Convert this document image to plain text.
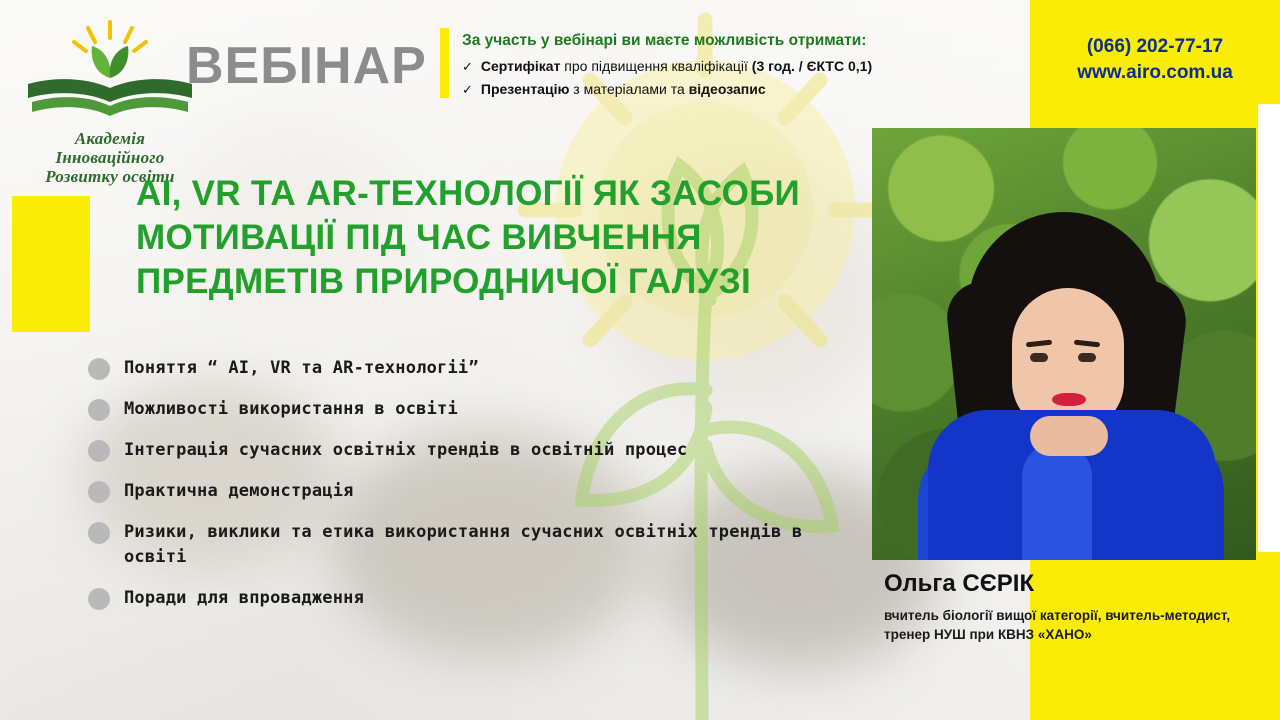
Академія
Інноваційного
Розвитку освіти
ВЕБІНАР За участь у вебінарі ви маєте можливість отримати:
✓ Сертифікат про підвищення кваліфікації (3 год. / ЄКТС 0,1)
✓ Презентацію з матеріалами та відеозапис
(066) 202-77-17
www.airo.com.ua
AI, VR ТА AR-ТЕХНОЛОГІЇ ЯК ЗАСОБИ МОТИВАЦІЇ ПІД ЧАС ВИВЧЕННЯ ПРЕДМЕТІВ ПРИРОДНИЧОЇ ГАЛУЗІ
Поняття “ AI, VR та AR-технологіi”
Можливості використання в освіті
Інтеграція сучасних освітніх трендів в освітній процес
Практична демонстрація
Ризики, виклики та етика використання сучасних освітніх трендів в освіті
Поради для впровадження
Ольга СЄРІК
вчитель біології вищої категорії, вчитель-методист, тренер НУШ при КВНЗ «ХАНО»
